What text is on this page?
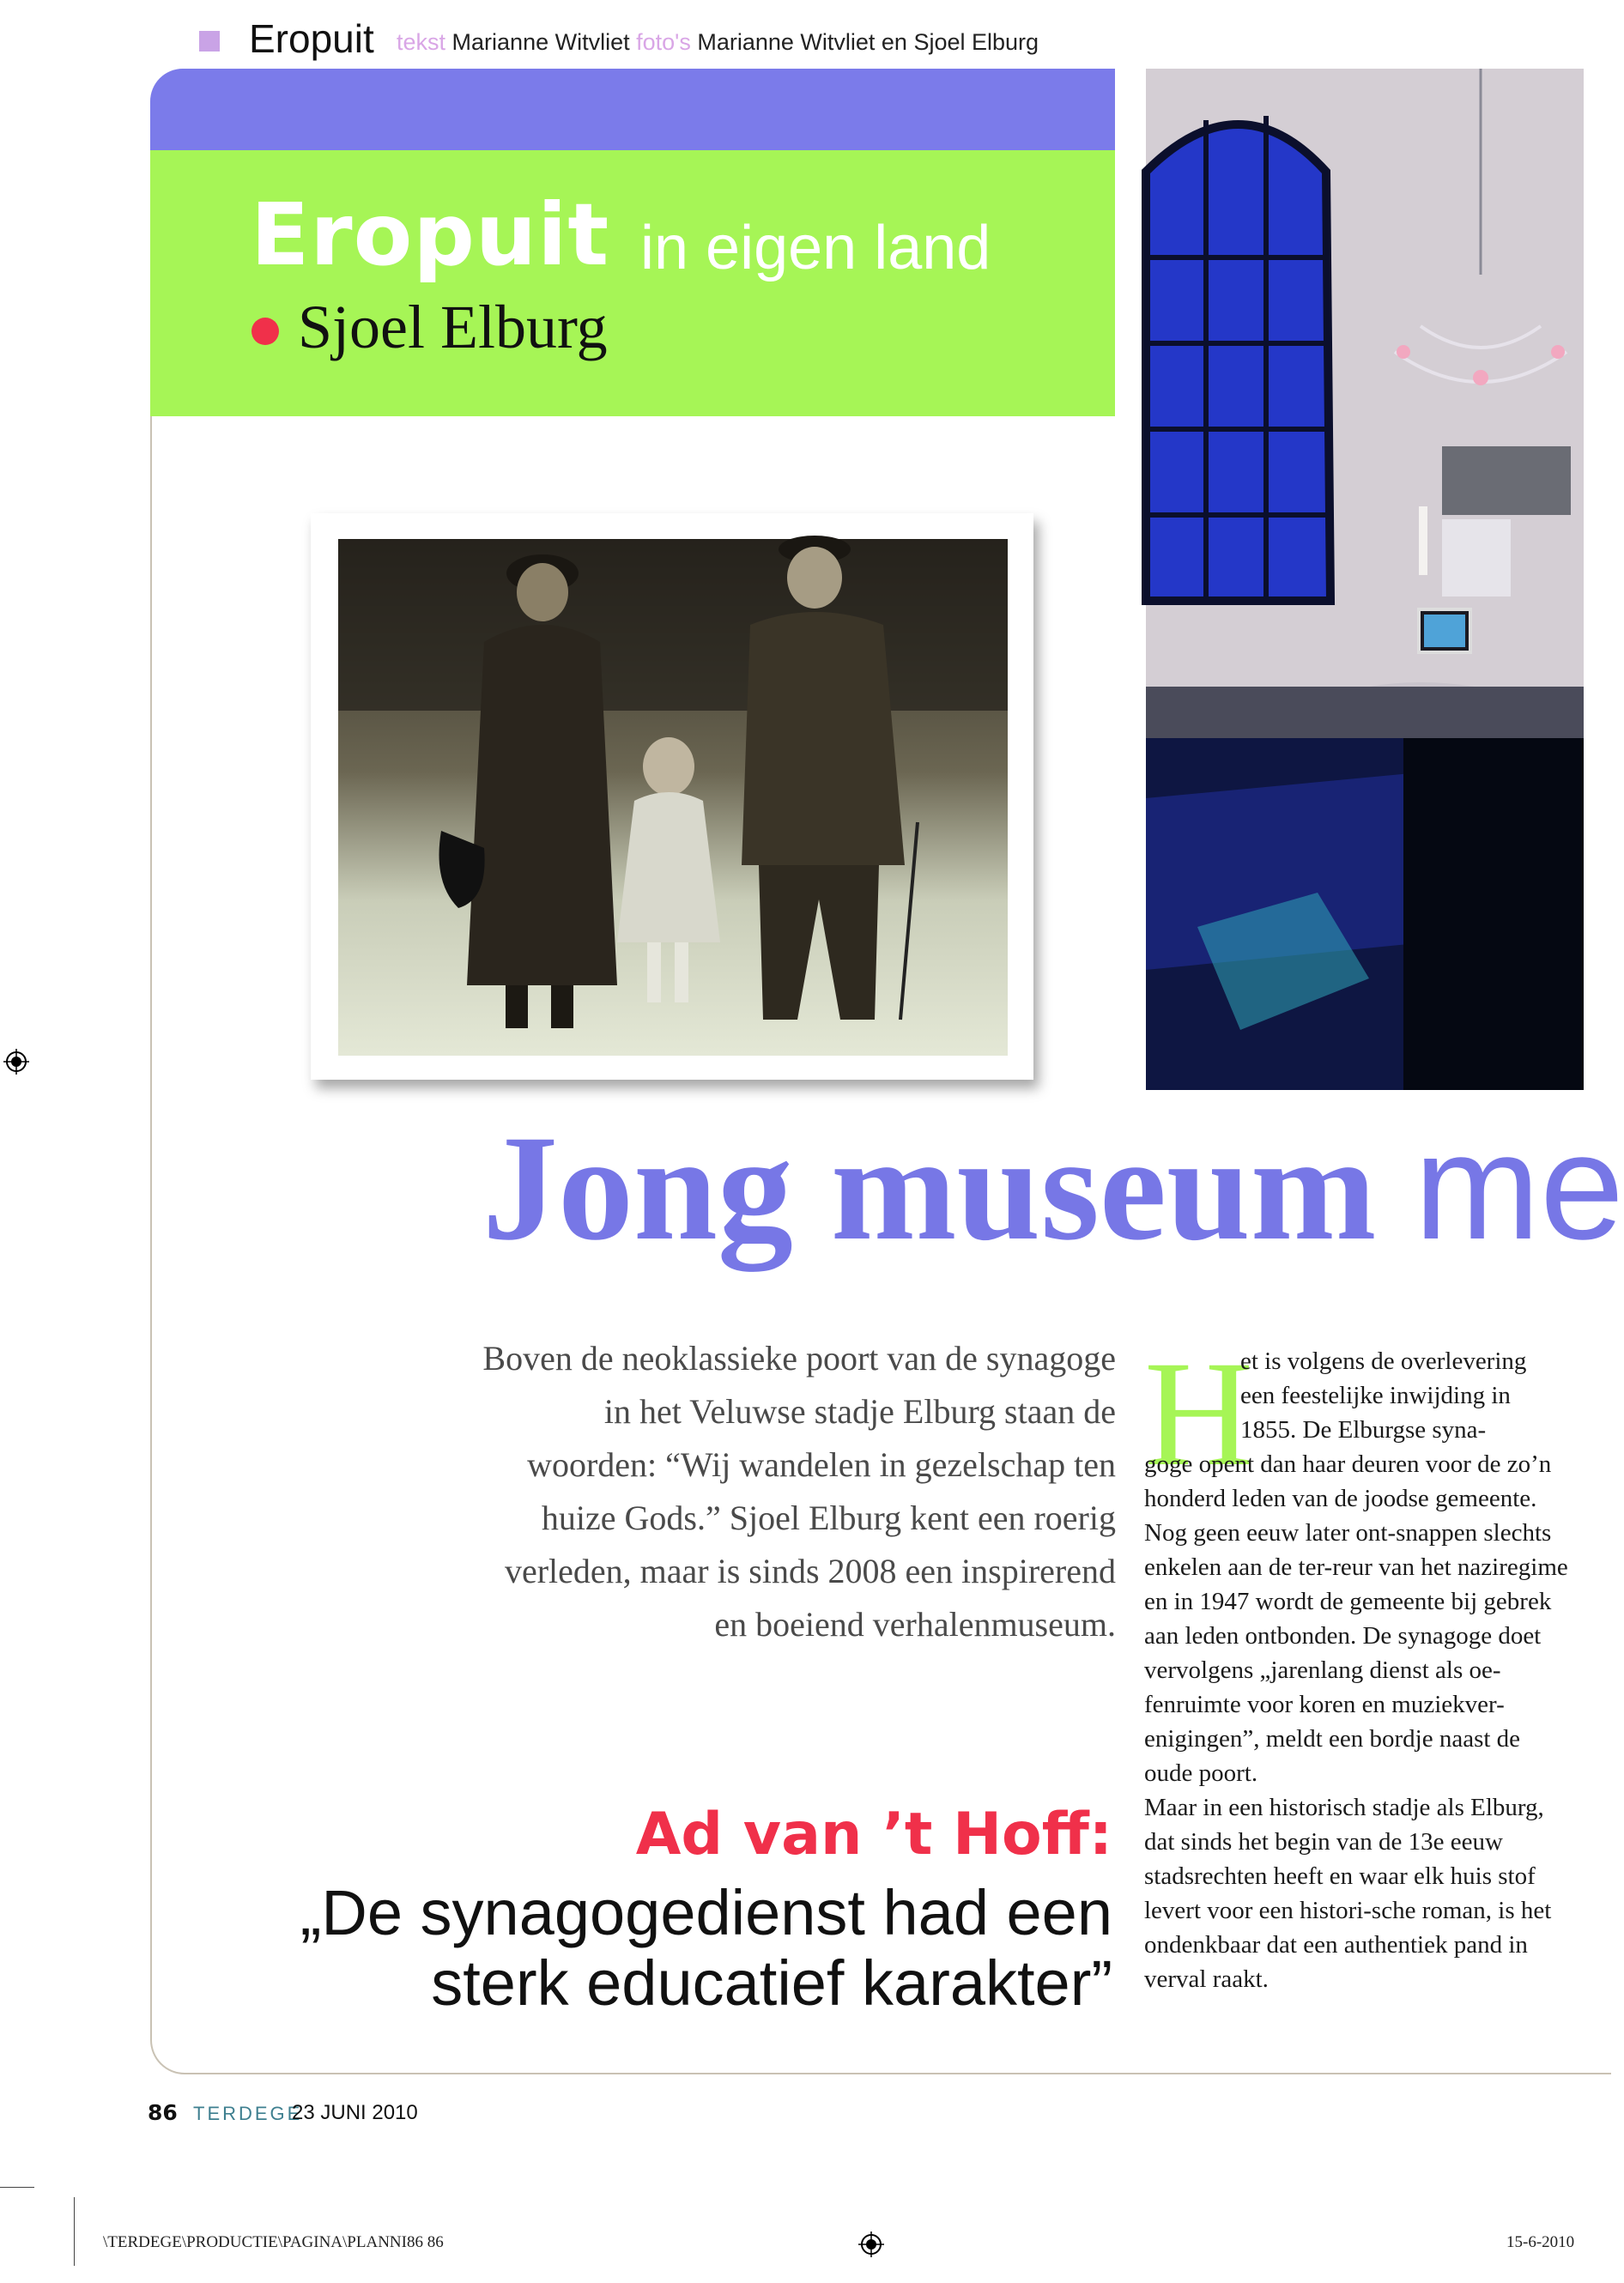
Eropuit tekst Marianne Witvliet foto's Marianne Witvliet en Sjoel Elburg
Eropuit in eigen land
Sjoel Elburg
Jong museum me
Boven de neoklassieke poort van de synagoge in het Veluwse stadje Elburg staan de woorden: “Wij wandelen in gezelschap ten huize Gods.” Sjoel Elburg kent een roerig verleden, maar is sinds 2008 een inspirerend en boeiend verhalenmuseum.
Ad van ’t Hoff:
„De synagogedienst had een sterk educatief karakter”
H
et is volgens de overlevering
een feestelijke inwijding in
1855. De Elburgse syna-
goge opent dan haar deuren voor de zo’n honderd leden van de joodse gemeente. Nog geen eeuw later ont-snappen slechts enkelen aan de ter-reur van het naziregime en in 1947 wordt de gemeente bij gebrek aan leden ontbonden. De synagoge doet vervolgens „jarenlang dienst als oe-fenruimte voor koren en muziekver-enigingen”, meldt een bordje naast de oude poort.
Maar in een historisch stadje als Elburg, dat sinds het begin van de 13e eeuw stadsrechten heeft en waar elk huis stof levert voor een histori-sche roman, is het ondenkbaar dat een authentiek pand in verval raakt.
86 TERDEGE
23 JUNI 2010
\TERDEGE\PRODUCTIE\PAGINA\PLANNI86 86	15-6-2010
